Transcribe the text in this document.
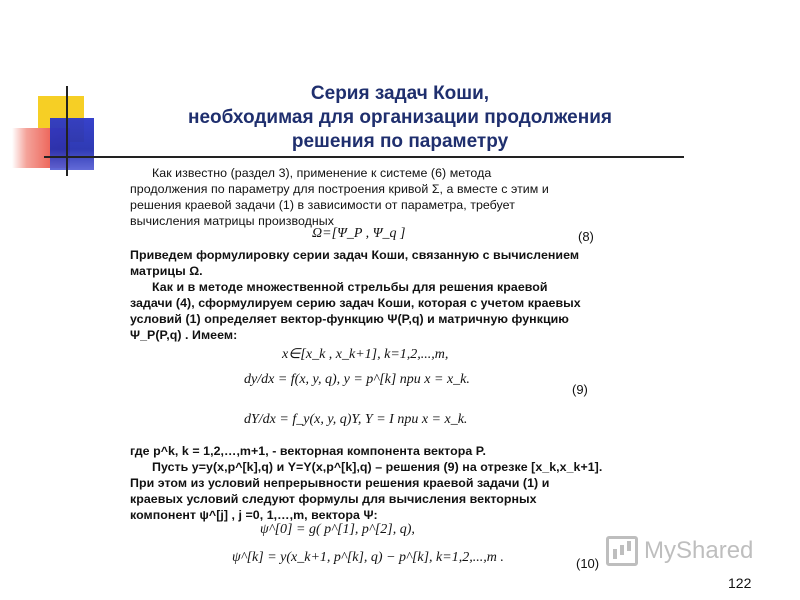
Серия задач Коши,
необходимая для организации продолжения
решения по параметру
Как известно (раздел 3), применение к системе (6) метода
продолжения по параметру для построения кривой Σ, а вместе с этим и
решения краевой задачи (1) в зависимости от параметра, требует
вычисления матрицы производных
Ω=[Ψ_P , Ψ_q ]	(8)
Приведем формулировку серии задач Коши, связанную с вычислением
матрицы Ω.
Как и в методе множественной стрельбы для решения краевой
задачи (4), сформулируем серию задач Коши, которая с учетом краевых
условий (1) определяет вектор-функцию Ψ(P,q) и матричную функцию
Ψ_P(P,q) . Имеем:
x∈[x_k , x_k+1], k=1,2,...,m,
dy/dx = f(x, y, q), y = p^[k] при x = x_k.
dY/dx = f_y(x, y, q)Y, Y = I при x = x_k.
(9)
где p^k, k = 1,2,…,m+1, - векторная компонента вектора P.
Пусть y=y(x,p^[k],q) и Y=Y(x,p^[k],q) – решения (9) на отрезке [x_k,x_k+1].
При этом из условий непрерывности решения краевой задачи (1) и
краевых условий следуют формулы для вычисления векторных
компонент ψ^[j] , j =0, 1,…,m, вектора Ψ:
ψ^[0] = g( p^[1], p^[2], q),
ψ^[k] = y(x_k+1, p^[k], q) − p^[k], k=1,2,...,m .	(10) MyShared
122
